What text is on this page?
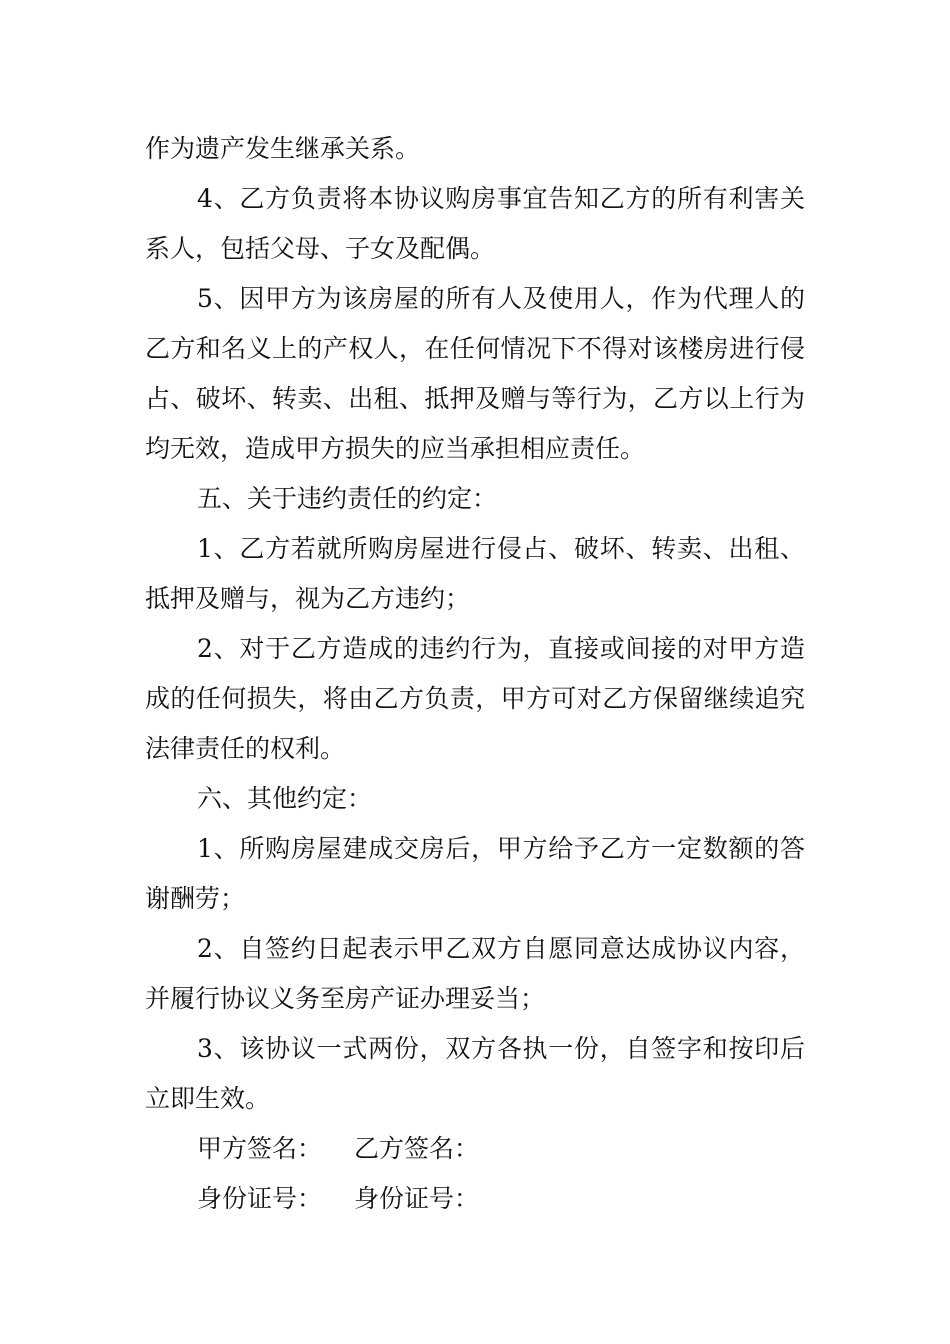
作为遗产发生继承关系。

4、乙方负责将本协议购房事宜告知乙方的所有利害关系人，包括父母、子女及配偶。

5、因甲方为该房屋的所有人及使用人，作为代理人的乙方和名义上的产权人，在任何情况下不得对该楼房进行侵占、破坏、转卖、出租、抵押及赠与等行为，乙方以上行为均无效，造成甲方损失的应当承担相应责任。

五、关于违约责任的约定：

1、乙方若就所购房屋进行侵占、破坏、转卖、出租、抵押及赠与，视为乙方违约；

2、对于乙方造成的违约行为，直接或间接的对甲方造成的任何损失，将由乙方负责，甲方可对乙方保留继续追究法律责任的权利。

六、其他约定：

1、所购房屋建成交房后，甲方给予乙方一定数额的答谢酬劳；

2、自签约日起表示甲乙双方自愿同意达成协议内容，并履行协议义务至房产证办理妥当；

3、该协议一式两份，双方各执一份，自签字和按印后立即生效。

甲方签名： 乙方签名：

身份证号： 身份证号：
